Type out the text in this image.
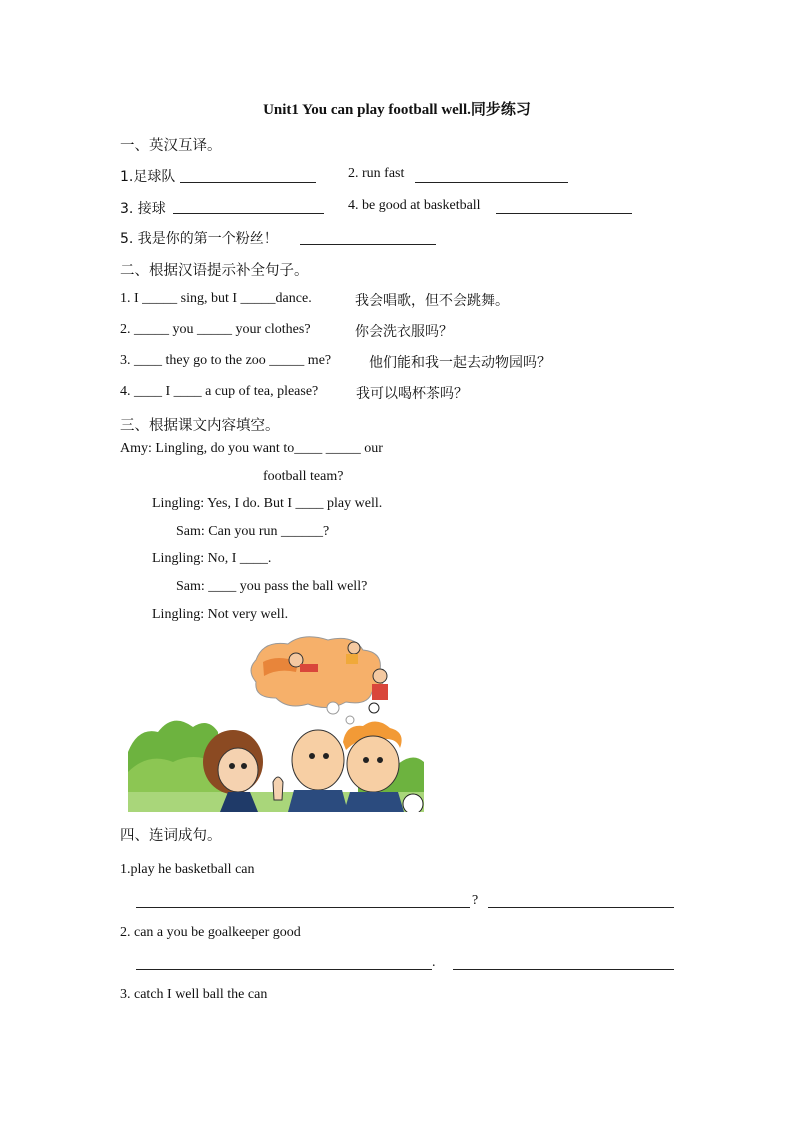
Unit1 You can play football well.同步练习
一、英汉互译。
1.足球队	2. run fast
3. 接球	4. be good at basketball
5. 我是你的第一个粉丝！
二、根据汉语提示补全句子。
1. I _____ sing, but I _____dance.	我会唱歌，但不会跳舞。
2. _____ you _____ your clothes?	你会洗衣服吗？
3. ____ they go to the zoo _____ me?	他们能和我一起去动物园吗？
4. ____ I ____ a cup of tea, please?	我可以喝杯茶吗？
三、根据课文内容填空。
Amy: Lingling, do you want to____ _____ our
football team?
Lingling: Yes, I do. But I ____ play well.
Sam: Can you run ______?
Lingling: No, I ____.
Sam: ____ you pass the ball well?
Lingling: Not very well.
四、连词成句。
1.play he basketball can
?
2. can a you be goalkeeper good
.
3. catch I well ball the can
